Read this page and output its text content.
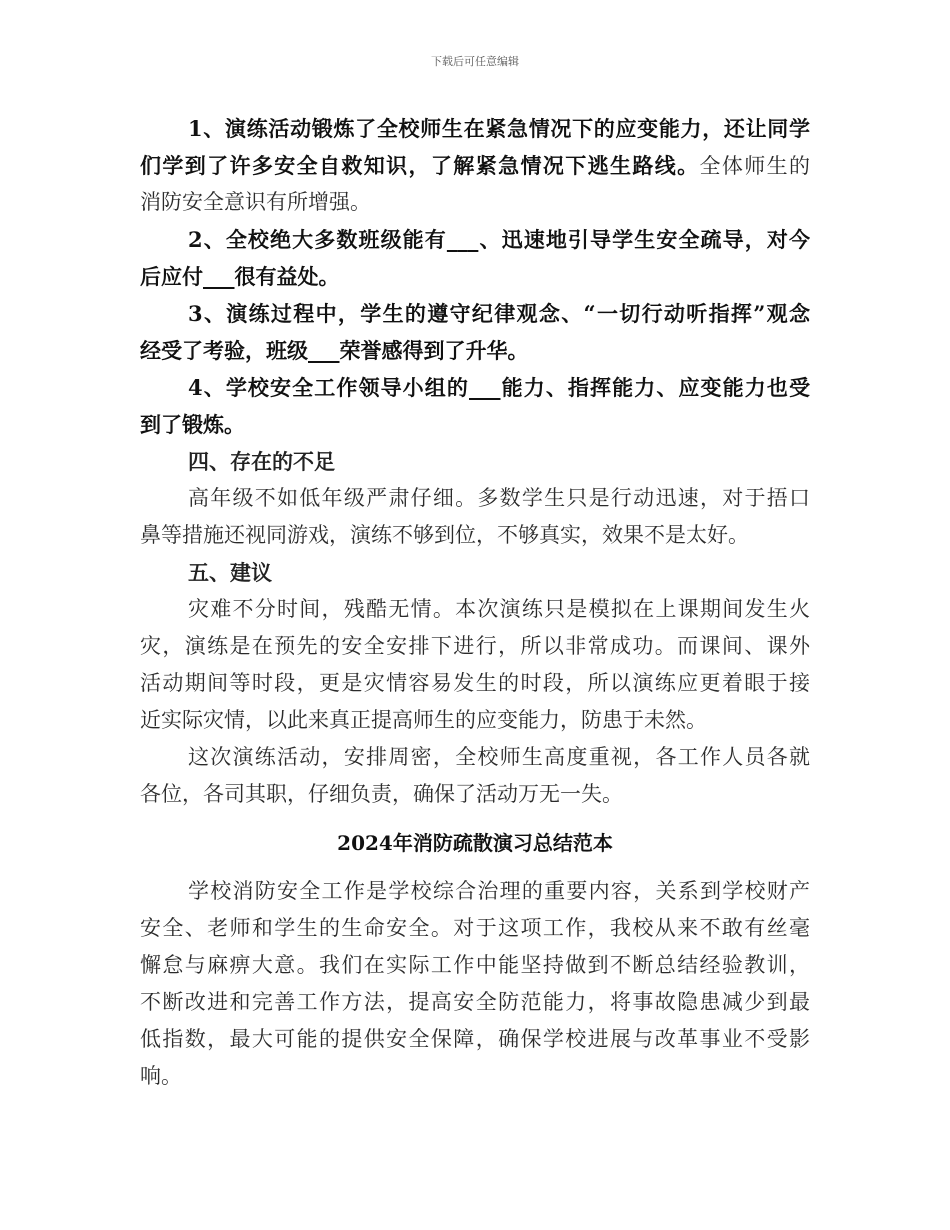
下载后可任意编辑
1、演练活动锻炼了全校师生在紧急情况下的应变能力，还让同学
们学到了许多安全自救知识，了解紧急情况下逃生路线。全体师生的
消防安全意识有所增强。
2、全校绝大多数班级能有___、迅速地引导学生安全疏导，对今
后应付___很有益处。
3、演练过程中，学生的遵守纪律观念、“一切行动听指挥”观念
经受了考验，班级___荣誉感得到了升华。
4、学校安全工作领导小组的___能力、指挥能力、应变能力也受
到了锻炼。
四、存在的不足
高年级不如低年级严肃仔细。多数学生只是行动迅速，对于捂口
鼻等措施还视同游戏，演练不够到位，不够真实，效果不是太好。
五、建议
灾难不分时间，残酷无情。本次演练只是模拟在上课期间发生火
灾，演练是在预先的安全安排下进行，所以非常成功。而课间、课外
活动期间等时段，更是灾情容易发生的时段，所以演练应更着眼于接
近实际灾情，以此来真正提高师生的应变能力，防患于未然。
这次演练活动，安排周密，全校师生高度重视，各工作人员各就
各位，各司其职，仔细负责，确保了活动万无一失。
2024年消防疏散演习总结范本
学校消防安全工作是学校综合治理的重要内容，关系到学校财产
安全、老师和学生的生命安全。对于这项工作，我校从来不敢有丝毫
懈怠与麻痹大意。我们在实际工作中能坚持做到不断总结经验教训，
不断改进和完善工作方法，提高安全防范能力，将事故隐患减少到最
低指数，最大可能的提供安全保障，确保学校进展与改革事业不受影
响。
